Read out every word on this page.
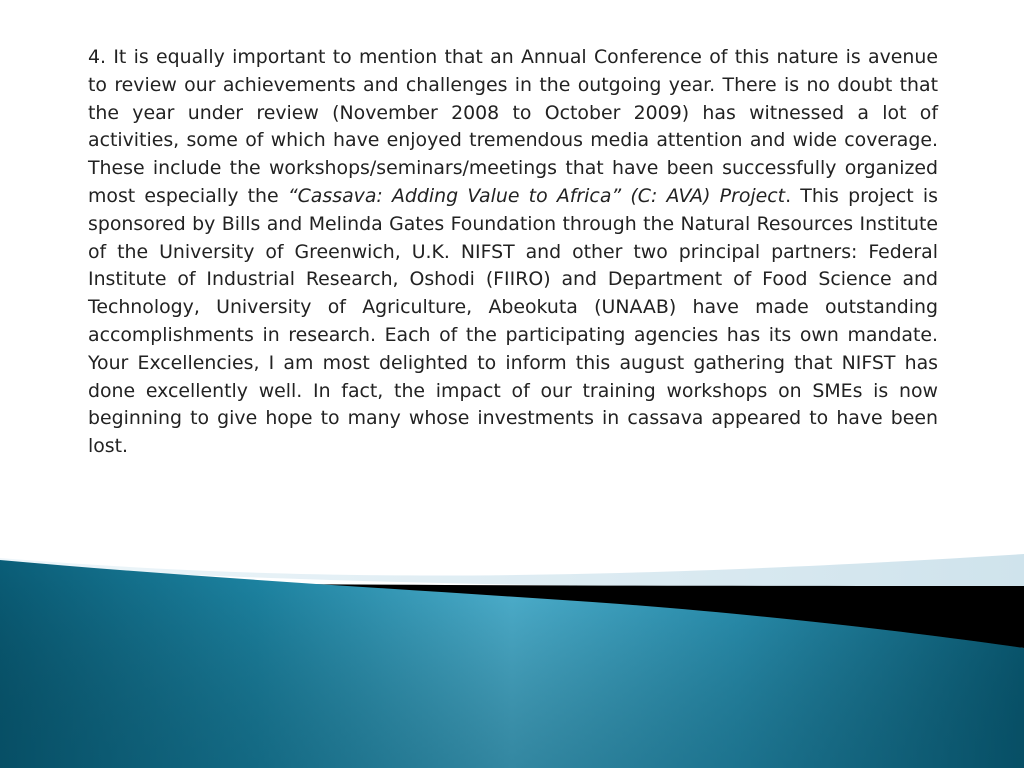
4. It is equally important to mention that an Annual Conference of this nature is avenue to review our achievements and challenges in the outgoing year. There is no doubt that the year under review (November 2008 to October 2009) has witnessed a lot of activities, some of which have enjoyed tremendous media attention and wide coverage. These include the workshops/seminars/meetings that have been successfully organized most especially the “Cassava: Adding Value to Africa” (C: AVA) Project. This project is sponsored by Bills and Melinda Gates Foundation through the Natural Resources Institute of the University of Greenwich, U.K. NIFST and other two principal partners: Federal Institute of Industrial Research, Oshodi (FIIRO) and Department of Food Science and Technology, University of Agriculture, Abeokuta (UNAAB) have made outstanding accomplishments in research. Each of the participating agencies has its own mandate. Your Excellencies, I am most delighted to inform this august gathering that NIFST has done excellently well. In fact, the impact of our training workshops on SMEs is now beginning to give hope to many whose investments in cassava appeared to have been lost.
